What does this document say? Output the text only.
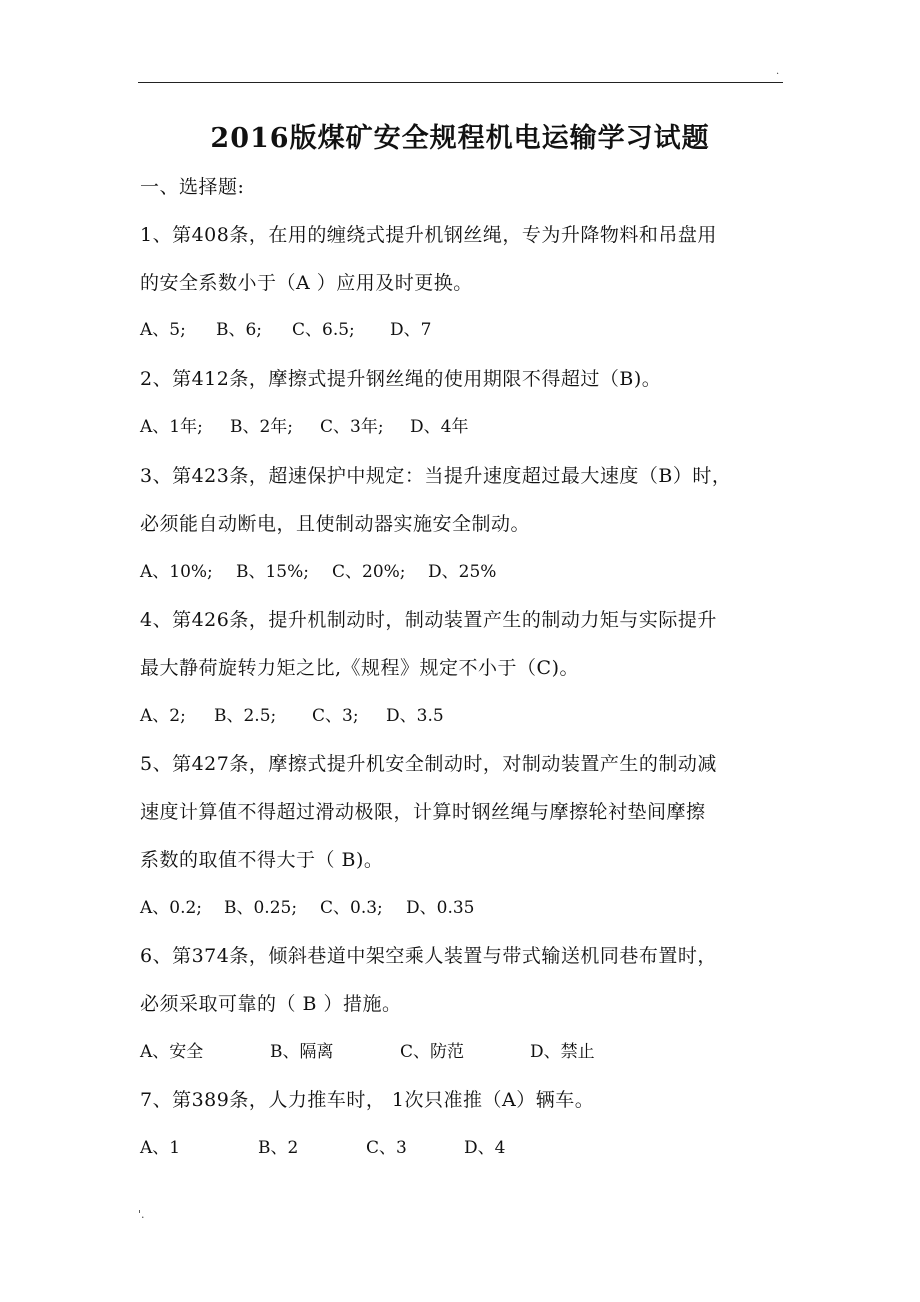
.
2016版煤矿安全规程机电运输学习试题
一、选择题:
1、第408条，在用的缠绕式提升机钢丝绳，专为升降物料和吊盘用
的安全系数小于（A ）应用及时更换。
A、5; B、6; C、6.5; D、7
2、第412条，摩擦式提升钢丝绳的使用期限不得超过（B)。
A、1年; B、2年; C、3年; D、4年
3、第423条，超速保护中规定：当提升速度超过最大速度（B）时，
必须能自动断电，且使制动器实施安全制动。
A、10%; B、15%; C、20%; D、25%
4、第426条，提升机制动时，制动装置产生的制动力矩与实际提升
最大静荷旋转力矩之比,《规程》规定不小于（C)。
A、2; B、2.5; C、3; D、3.5
5、第427条，摩擦式提升机安全制动时，对制动装置产生的制动减
速度计算值不得超过滑动极限，计算时钢丝绳与摩擦轮衬垫间摩擦
系数的取值不得大于（ B)。
A、0.2; B、0.25; C、0.3; D、0.35
6、第374条，倾斜巷道中架空乘人装置与带式输送机同巷布置时，
必须采取可靠的（ B ）措施。
A、安全	B、隔离	C、防范	D、禁止
7、第389条，人力推车时， 1次只准推（A）辆车。
A、1	B、2	C、3	D、4
'.
